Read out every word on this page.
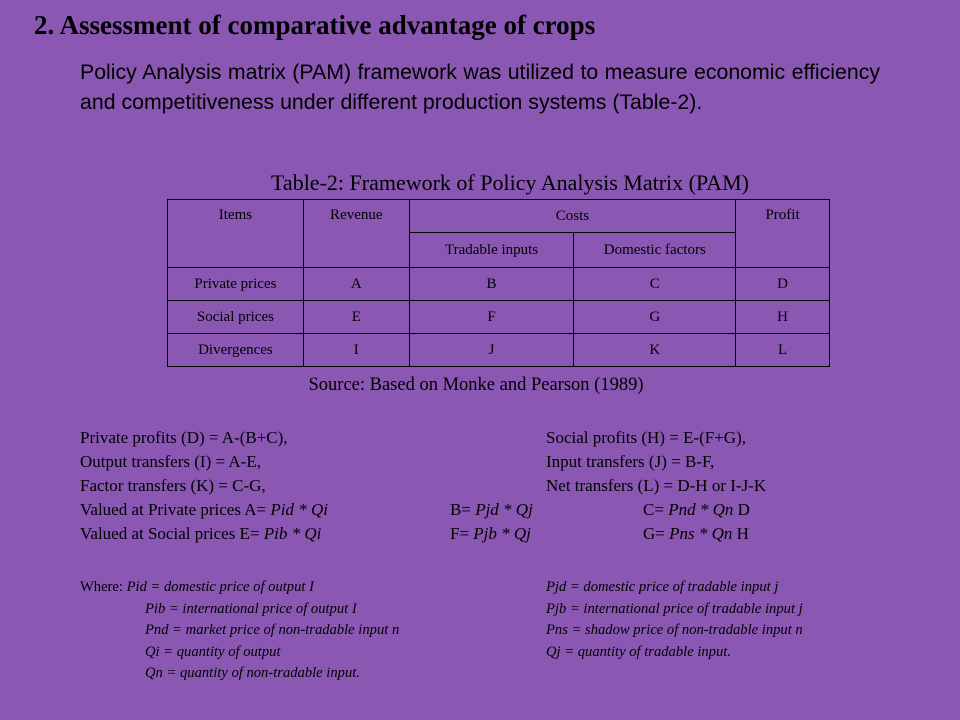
2. Assessment of comparative advantage of crops

Policy Analysis matrix (PAM) framework was utilized to measure economic efficiency and competitiveness under different production systems (Table-2).

Table-2: Framework of Policy Analysis Matrix (PAM)

Items	Revenue	Costs		Profit
		Tradable inputs	Domestic factors	
Private prices	A	B	C	D
Social prices	E	F	G	H
Divergences	I	J	K	L

Source: Based on Monke and Pearson (1989)

Private profits (D) = A-(B+C),
Output transfers (I) = A-E,
Factor transfers (K) = C-G,
Social profits (H) = E-(F+G),
Input transfers (J) = B-F,
Net transfers (L) = D-H or I-J-K
Valued at Private prices A= Pid * Qi	B= Pjd * Qj	C= Pnd * Qn D
Valued at Social prices E= Pib * Qi	F= Pjb * Qj	G= Pns * Qn H
Where: Pid = domestic price of output I
Pib = international price of output I
Pnd = market price of non-tradable input n
Qi = quantity of output
Qn = quantity of non-tradable input.
Pjd = domestic price of tradable input j
Pjb = international price of tradable input j
Pns = shadow price of non-tradable input n
Qj = quantity of tradable input.
